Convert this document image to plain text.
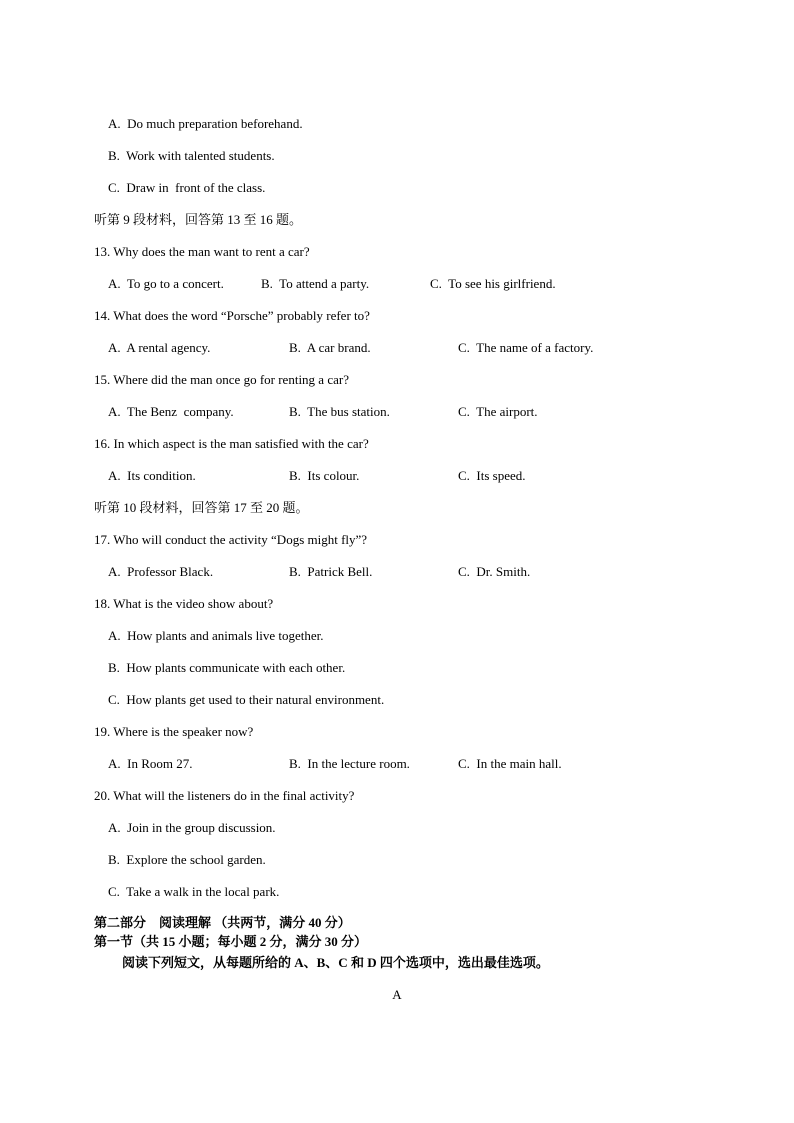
A.  Do much preparation beforehand.
B.  Work with talented students.
C.  Draw in  front of the class.
听第 9 段材料，回答第 13 至 16 题。
13. Why does the man want to rent a car?
A.  To go to a concert.	B.  To attend a party.	C.  To see his girlfriend.
14. What does the word “Porsche” probably refer to?
A.  A rental agency.	B.  A car brand.	C.  The name of a factory.
15. Where did the man once go for renting a car?
A.  The Benz  company.	B.  The bus station.	C.  The airport.
16. In which aspect is the man satisfied with the car?
A.  Its condition.	B.  Its colour.	C.  Its speed.
听第 10 段材料，回答第 17 至 20 题。
17. Who will conduct the activity “Dogs might fly”?
A.  Professor Black.	B.  Patrick Bell.	C.  Dr. Smith.
18. What is the video show about?
A.  How plants and animals live together.
B.  How plants communicate with each other.
C.  How plants get used to their natural environment.
19. Where is the speaker now?
A.  In Room 27.	B.  In the lecture room.	C.  In the main hall.
20. What will the listeners do in the final activity?
A.  Join in the group discussion.
B.  Explore the school garden.
C.  Take a walk in the local park.
第二部分　阅读理解 （共两节，满分 40 分）
第一节（共 15 小题；每小题 2 分，满分 30 分）
阅读下列短文，从每题所给的 A、B、C 和 D 四个选项中，选出最佳选项。
A
